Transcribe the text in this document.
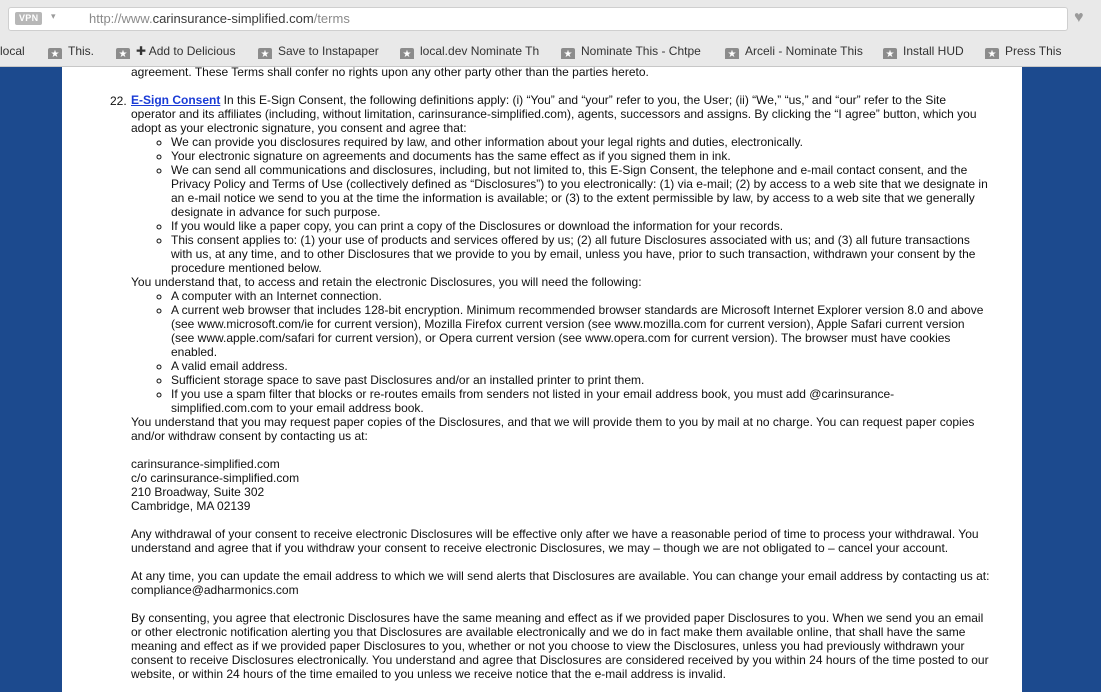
VPN	▾	http://www.carinsurance-simplified.com/terms	♥
local	★ This. ★ ✚ Add to Delicious	★ Save to Instapaper ★ local.dev Nominate Th ★ Nominate This - Chtpe	★ Arceli - Nominate This ★ Install HUD ★ Press This
22.
agreement. These Terms shall confer no rights upon any other party other than the parties hereto.
E-Sign Consent In this E-Sign Consent, the following definitions apply: (i) “You” and “your” refer to you, the User; (ii) “We,” “us,” and “our” refer to the Site
operator and its affiliates (including, without limitation, carinsurance-simplified.com), agents, successors and assigns. By clicking the “I agree” button, which you
adopt as your electronic signature, you consent and agree that:
◦ We can provide you disclosures required by law, and other information about your legal rights and duties, electronically.
◦ Your electronic signature on agreements and documents has the same effect as if you signed them in ink.
◦ We can send all communications and disclosures, including, but not limited to, this E-Sign Consent, the telephone and e-mail contact consent, and the
Privacy Policy and Terms of Use (collectively defined as “Disclosures”) to you electronically: (1) via e-mail; (2) by access to a web site that we designate in
an e-mail notice we send to you at the time the information is available; or (3) to the extent permissible by law, by access to a web site that we generally
designate in advance for such purpose.
◦ If you would like a paper copy, you can print a copy of the Disclosures or download the information for your records.
◦ This consent applies to: (1) your use of products and services offered by us; (2) all future Disclosures associated with us; and (3) all future transactions
with us, at any time, and to other Disclosures that we provide to you by email, unless you have, prior to such transaction, withdrawn your consent by the
procedure mentioned below.
You understand that, to access and retain the electronic Disclosures, you will need the following:
◦ A computer with an Internet connection.
◦ A current web browser that includes 128-bit encryption. Minimum recommended browser standards are Microsoft Internet Explorer version 8.0 and above
(see www.microsoft.com/ie for current version), Mozilla Firefox current version (see www.mozilla.com for current version), Apple Safari current version
(see www.apple.com/safari for current version), or Opera current version (see www.opera.com for current version). The browser must have cookies
enabled.
◦ A valid email address.
◦ Sufficient storage space to save past Disclosures and/or an installed printer to print them.
◦ If you use a spam filter that blocks or re-routes emails from senders not listed in your email address book, you must add @carinsurance-
simplified.com.com to your email address book.
You understand that you may request paper copies of the Disclosures, and that we will provide them to you by mail at no charge. You can request paper copies
and/or withdraw consent by contacting us at:
carinsurance-simplified.com
c/o carinsurance-simplified.com
210 Broadway, Suite 302
Cambridge, MA 02139
Any withdrawal of your consent to receive electronic Disclosures will be effective only after we have a reasonable period of time to process your withdrawal. You
understand and agree that if you withdraw your consent to receive electronic Disclosures, we may – though we are not obligated to – cancel your account.
At any time, you can update the email address to which we will send alerts that Disclosures are available. You can change your email address by contacting us at:
compliance@adharmonics.com
By consenting, you agree that electronic Disclosures have the same meaning and effect as if we provided paper Disclosures to you. When we send you an email
or other electronic notification alerting you that Disclosures are available electronically and we do in fact make them available online, that shall have the same
meaning and effect as if we provided paper Disclosures to you, whether or not you choose to view the Disclosures, unless you had previously withdrawn your
consent to receive Disclosures electronically. You understand and agree that Disclosures are considered received by you within 24 hours of the time posted to our
website, or within 24 hours of the time emailed to you unless we receive notice that the e-mail address is invalid.
